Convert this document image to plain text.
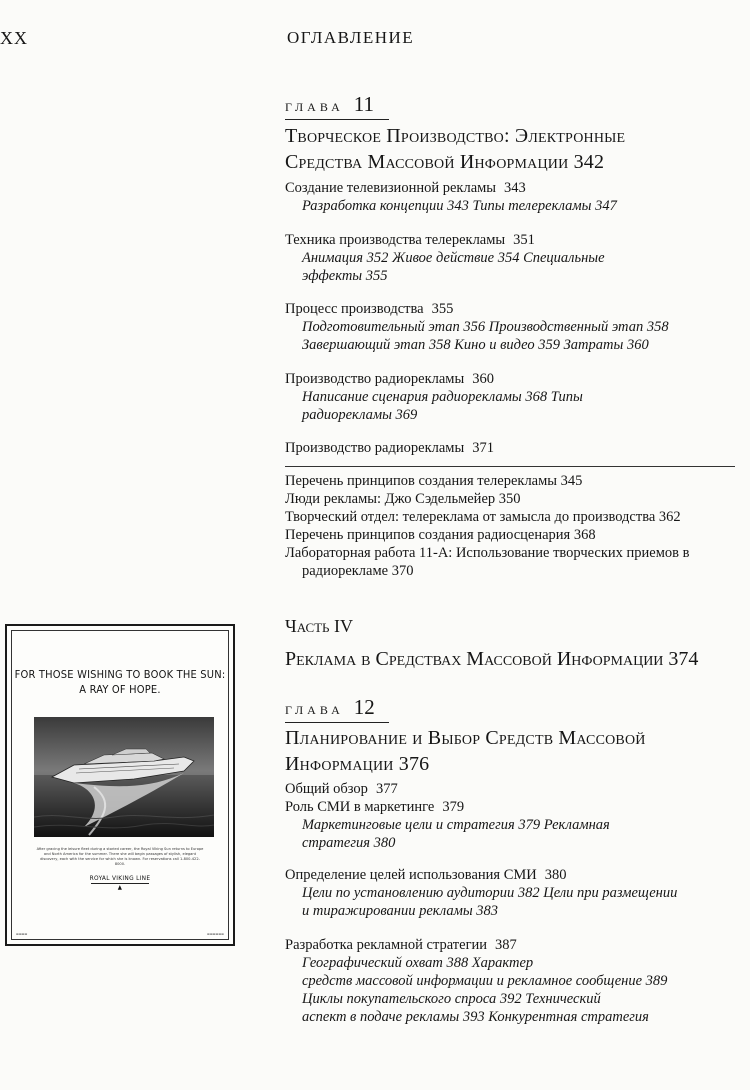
XX	ОГЛАВЛЕНИЕ
ГЛАВА 11
Творческое Производство: Электронные
Средства Массовой Информации 342
Создание телевизионной рекламы 343
Разработка концепции 343 Типы телерекламы 347
Техника производства телерекламы 351
Анимация 352 Живое действие 354 Специальные
эффекты 355
Процесс производства 355
Подготовительный этап 356 Производственный этап 358
Завершающий этап 358 Кино и видео 359 Затраты 360
Производство радиорекламы 360
Написание сценария радиорекламы 368 Типы
радиорекламы 369
Производство радиорекламы 371
Перечень принципов создания телерекламы 345
Люди рекламы: Джо Сэдельмейер 350
Творческий отдел: телереклама от замысла до производства 362
Перечень принципов создания радиосценария 368
Лабораторная работа 11-А: Использование творческих приемов в радиорекламе 370
Часть IV
Реклама в Средствах Массовой Информации 374
ГЛАВА 12
Планирование и Выбор Средств Массовой
Информации 376
Общий обзор 377
Роль СМИ в маркетинге 379
Маркетинговые цели и стратегия 379 Рекламная
стратегия 380
Определение целей использования СМИ 380
Цели по установлению аудитории 382 Цели при размещении
и тиражировании рекламы 383
Разработка рекламной стратегии 387
Географический охват 388 Характер
средств массовой информации и рекламное сообщение 389
Циклы покупательского спроса 392 Технический
аспект в подаче рекламы 393 Конкурентная стратегия
FOR THOSE WISHING TO BOOK THE SUN:
A RAY OF HOPE.
After gracing the leisure fleet during a storied career, the Royal Viking Sun returns to Europe and North America for the summer. There she will begin passages of stylish, elegant discovery, each with the service for which she is known. For reservations call 1-800-422-8000.
ROYAL VIKING LINE
▲
▬▬▬▬	▬▬▬▬▬▬
